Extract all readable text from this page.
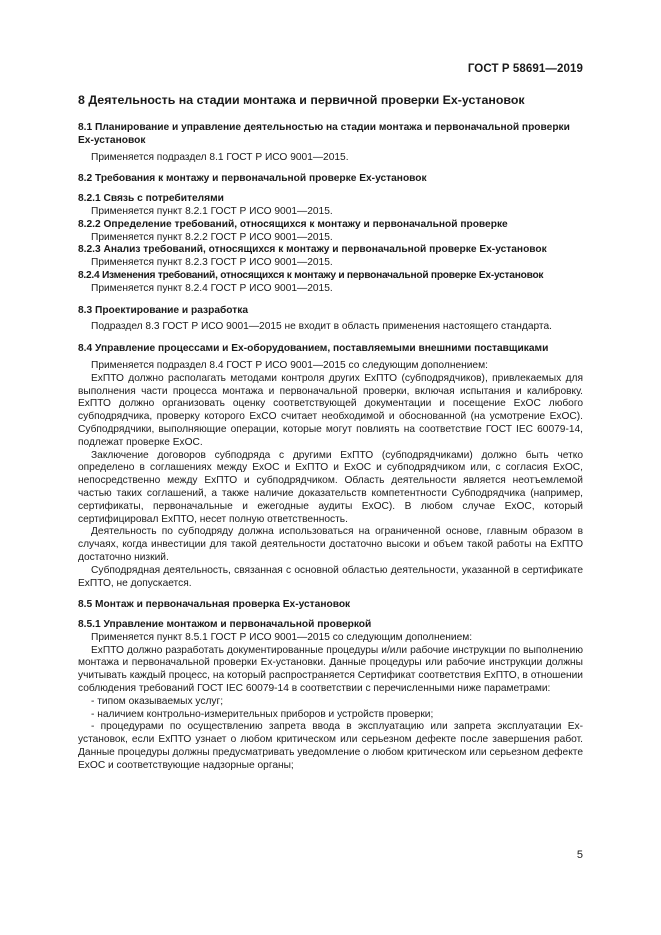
ГОСТ Р 58691—2019
8 Деятельность на стадии монтажа и первичной проверки Ex-установок
8.1 Планирование и управление деятельностью на стадии монтажа и первоначальной проверки Ex-установок

Применяется подраздел 8.1 ГОСТ Р ИСО 9001—2015.

8.2 Требования к монтажу и первоначальной проверке Ex-установок
8.2.1 Связь с потребителями

Применяется пункт 8.2.1 ГОСТ Р ИСО 9001—2015.

8.2.2 Определение требований, относящихся к монтажу и первоначальной проверке

Применяется пункт 8.2.2 ГОСТ Р ИСО 9001—2015.

8.2.3 Анализ требований, относящихся к монтажу и первоначальной проверке Ex-установок

Применяется пункт 8.2.3 ГОСТ Р ИСО 9001—2015.

8.2.4 Изменения требований, относящихся к монтажу и первоначальной проверке Ex-установок

Применяется пункт 8.2.4 ГОСТ Р ИСО 9001—2015.

8.3 Проектирование и разработка

Подраздел 8.3 ГОСТ Р ИСО 9001—2015 не входит в область применения настоящего стандарта.

8.4 Управление процессами и Ex-оборудованием, поставляемыми внешними поставщиками

Применяется подраздел 8.4 ГОСТ Р ИСО 9001—2015 со следующим дополнением:

ExПТО должно располагать методами контроля других ExПТО (субподрядчиков), привлекаемых для выполнения части процесса монтажа и первоначальной проверки, включая испытания и калибровку. ExПТО должно организовать оценку соответствующей документации и посещение ExOC любого субподрядчика, проверку которого ExCO считает необходимой и обоснованной (на усмотрение ExOC). Субподрядчики, выполняющие операции, которые могут повлиять на соответствие ГОСТ IEC 60079-14, подлежат проверке ExOC.

Заключение договоров субподряда с другими ExПТО (субподрядчиками) должно быть четко определено в соглашениях между ExOC и ExПТО и ExOC и субподрядчиком или, с согласия ExOC, непосредственно между ExПТО и субподрядчиком. Область деятельности является неотъемлемой частью таких соглашений, а также наличие доказательств компетентности Субподрядчика (например, сертификаты, первоначальные и ежегодные аудиты ExOC). В любом случае ExOC, который сертифицировал ExПТО, несет полную ответственность.

Деятельность по субподряду должна использоваться на ограниченной основе, главным образом в случаях, когда инвестиции для такой деятельности достаточно высоки и объем такой работы на ExПТО достаточно низкий.

Субподрядная деятельность, связанная с основной областью деятельности, указанной в сертификате ExПТО, не допускается.

8.5 Монтаж и первоначальная проверка Ex-установок
8.5.1 Управление монтажом и первоначальной проверкой

Применяется пункт 8.5.1 ГОСТ Р ИСО 9001—2015 со следующим дополнением:

ExПТО должно разработать документированные процедуры и/или рабочие инструкции по выполнению монтажа и первоначальной проверки Ex-установки. Данные процедуры или рабочие инструкции должны учитывать каждый процесс, на который распространяется Сертификат соответствия ExПТО, в отношении соблюдения требований ГОСТ IEC 60079-14 в соответствии с перечисленными ниже параметрами:

- типом оказываемых услуг;

- наличием контрольно-измерительных приборов и устройств проверки;

- процедурами по осуществлению запрета ввода в эксплуатацию или запрета эксплуатации Ex-установок, если ExПТО узнает о любом критическом или серьезном дефекте после завершения работ. Данные процедуры должны предусматривать уведомление о любом критическом или серьезном дефекте ExOC и соответствующие надзорные органы;

5
